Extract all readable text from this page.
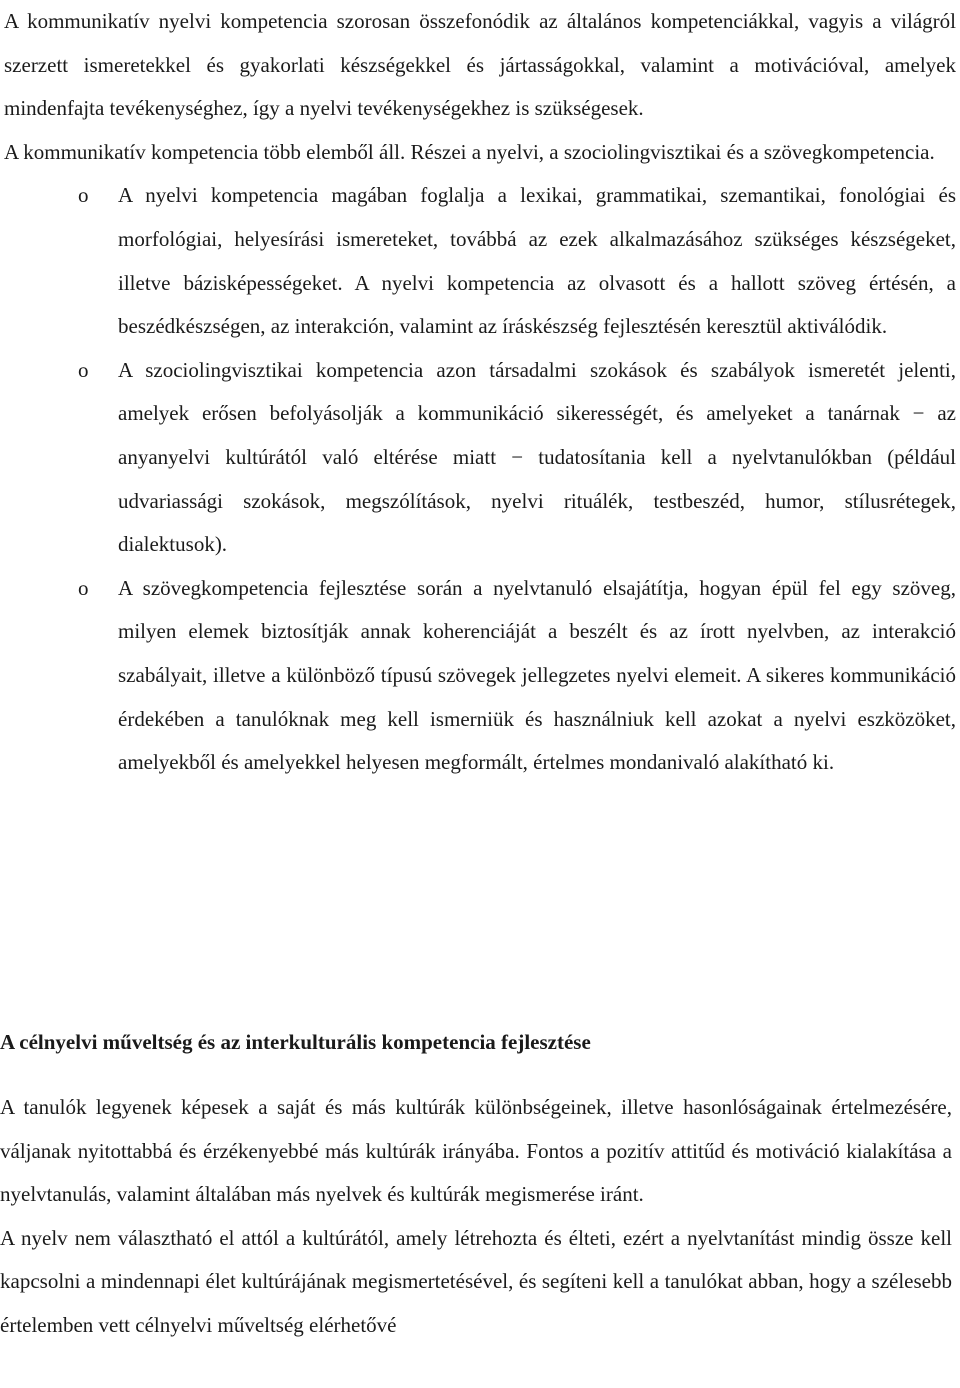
A kommunikatív nyelvi kompetencia szorosan összefonódik az általános kompetenciákkal, vagyis a világról szerzett ismeretekkel és gyakorlati készségekkel és jártasságokkal, valamint a motivációval, amelyek mindenfajta tevékenységhez, így a nyelvi tevékenységekhez is szükségesek.

A kommunikatív kompetencia több elemből áll. Részei a nyelvi, a szociolingvisztikai és a szövegkompetencia.

o A nyelvi kompetencia magában foglalja a lexikai, grammatikai, szemantikai, fonológiai és morfológiai, helyesírási ismereteket, továbbá az ezek alkalmazásához szükséges készségeket, illetve bázisképességeket. A nyelvi kompetencia az olvasott és a hallott szöveg értésén, a beszédkészségen, az interakción, valamint az íráskészség fejlesztésén keresztül aktiválódik.
o A szociolingvisztikai kompetencia azon társadalmi szokások és szabályok ismeretét jelenti, amelyek erősen befolyásolják a kommunikáció sikerességét, és amelyeket a tanárnak − az anyanyelvi kultúrától való eltérése miatt − tudatosítania kell a nyelvtanulókban (például udvariassági szokások, megszólítások, nyelvi rituálék, testbeszéd, humor, stílusrétegek, dialektusok).
o A szövegkompetencia fejlesztése során a nyelvtanuló elsajátítja, hogyan épül fel egy szöveg, milyen elemek biztosítják annak koherenciáját a beszélt és az írott nyelvben, az interakció szabályait, illetve a különböző típusú szövegek jellegzetes nyelvi elemeit. A sikeres kommunikáció érdekében a tanulóknak meg kell ismerniük és használniuk kell azokat a nyelvi eszközöket, amelyekből és amelyekkel helyesen megformált, értelmes mondanivaló alakítható ki.
A célnyelvi műveltség és az interkulturális kompetencia fejlesztése

A tanulók legyenek képesek a saját és más kultúrák különbségeinek, illetve hasonlóságainak értelmezésére, váljanak nyitottabbá és érzékenyebbé más kultúrák irányába. Fontos a pozitív attitűd és motiváció kialakítása a nyelvtanulás, valamint általában más nyelvek és kultúrák megismerése iránt.

A nyelv nem választható el attól a kultúrától, amely létrehozta és élteti, ezért a nyelvtanítást mindig össze kell kapcsolni a mindennapi élet kultúrájának megismertetésével, és segíteni kell a tanulókat abban, hogy a szélesebb értelemben vett célnyelvi műveltség elérhetővé
